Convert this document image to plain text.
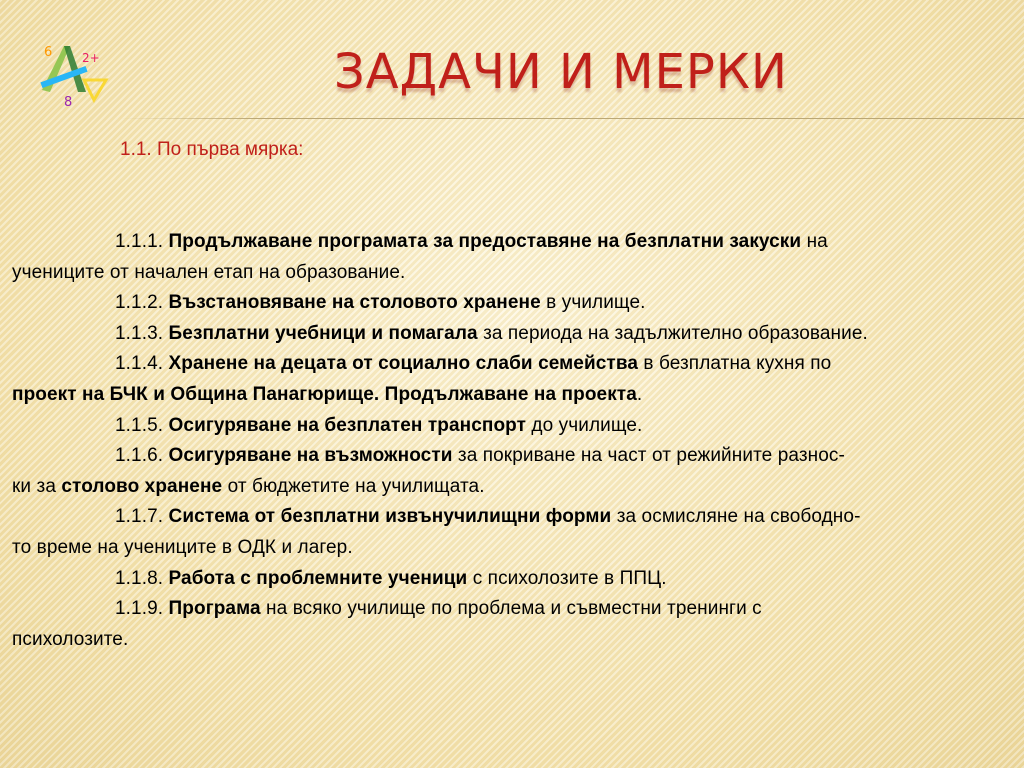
6 2+
8
ЗАДАЧИ И МЕРКИ
1.1. По първа мярка:
1.1.1. Продължаване програмата за предоставяне на безплатни закуски на
учениците от начален етап на образование.
1.1.2. Възстановяване на столовото хранене в училище.
1.1.3. Безплатни учебници и помагала за периода на задължително образование.
1.1.4. Хранене на децата от социално слаби семейства в безплатна кухня по
проект на БЧК и Община Панагюрище. Продължаване на проекта.
1.1.5. Осигуряване на безплатен транспорт до училище.
1.1.6. Осигуряване на възможности за покриване на част от режийните разнос-
ки за столово хранене от бюджетите на училищата.
1.1.7. Система от безплатни извънучилищни форми за осмисляне на свободно-
то време на учениците в ОДК и лагер.
1.1.8. Работа с проблемните ученици с психолозите в ППЦ.
1.1.9. Програма на всяко училище по проблема и съвместни тренинги с
психолозите.
